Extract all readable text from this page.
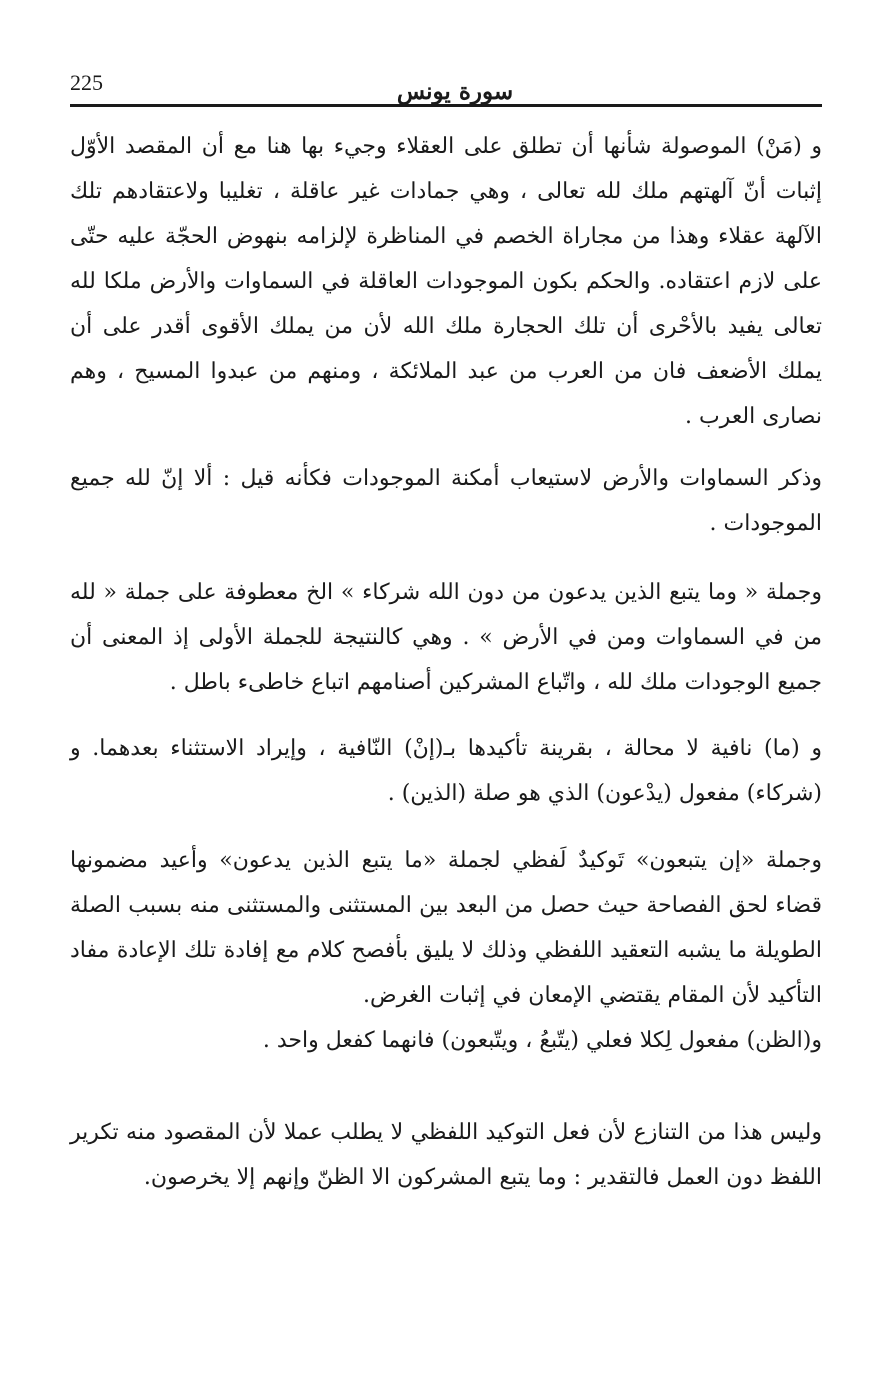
225	سورة يونس

و (مَنْ) الموصولة شأنها أن تطلق على العقلاء وجيء بها هنا مع أن المقصد الأوّل إثبات أنّ آلهتهم ملك لله تعالى ، وهي جمادات غير عاقلة ، تغليبا ولاعتقادهم تلك الآلهة عقلاء وهذا من مجاراة الخصم في المناظرة لإلزامه بنهوض الحجّة عليه حتّى على لازم اعتقاده. والحكم بكون الموجودات العاقلة في السماوات والأرض ملكا لله تعالى يفيد بالأحْرى أن تلك الحجارة ملك الله لأن من يملك الأقوى أقدر على أن يملك الأضعف فان من العرب من عبد الملائكة ، ومنهم من عبدوا المسيح ، وهم نصارى العرب .

وذكر السماوات والأرض لاستيعاب أمكنة الموجودات فكأنه قيل : ألا إنّ لله جميع الموجودات .

وجملة « وما يتبع الذين يدعون من دون الله شركاء » الخ معطوفة على جملة « لله من في السماوات ومن في الأرض » . وهي كالنتيجة للجملة الأولى إذ المعنى أن جميع الوجودات ملك لله ، واتّباع المشركين أصنامهم اتباع خاطىء باطل .

و (ما) نافية لا محالة ، بقرينة تأكيدها بـ(إنْ) النّافية ، وإيراد الاستثناء بعدهما. و (شركاء) مفعول (يدْعون) الذي هو صلة (الذين) .

وجملة «إن يتبعون» تَوكيدٌ لَفظي لجملة «ما يتبع الذين يدعون» وأعيد مضمونها قضاء لحق الفصاحة حيث حصل من البعد بين المستثنى والمستثنى منه بسبب الصلة الطويلة ما يشبه التعقيد اللفظي وذلك لا يليق بأفصح كلام مع إفادة تلك الإعادة مفاد التأكيد لأن المقام يقتضي الإمعان في إثبات الغرض.

و(الظن) مفعول لِكلا فعلي (يتّبعُ ، ويتّبعون) فانهما كفعل واحد .

وليس هذا من التنازع لأن فعل التوكيد اللفظي لا يطلب عملا لأن المقصود منه تكرير اللفظ دون العمل فالتقدير : وما يتبع المشركون الا الظنّ وإنهم إلا يخرصون.
